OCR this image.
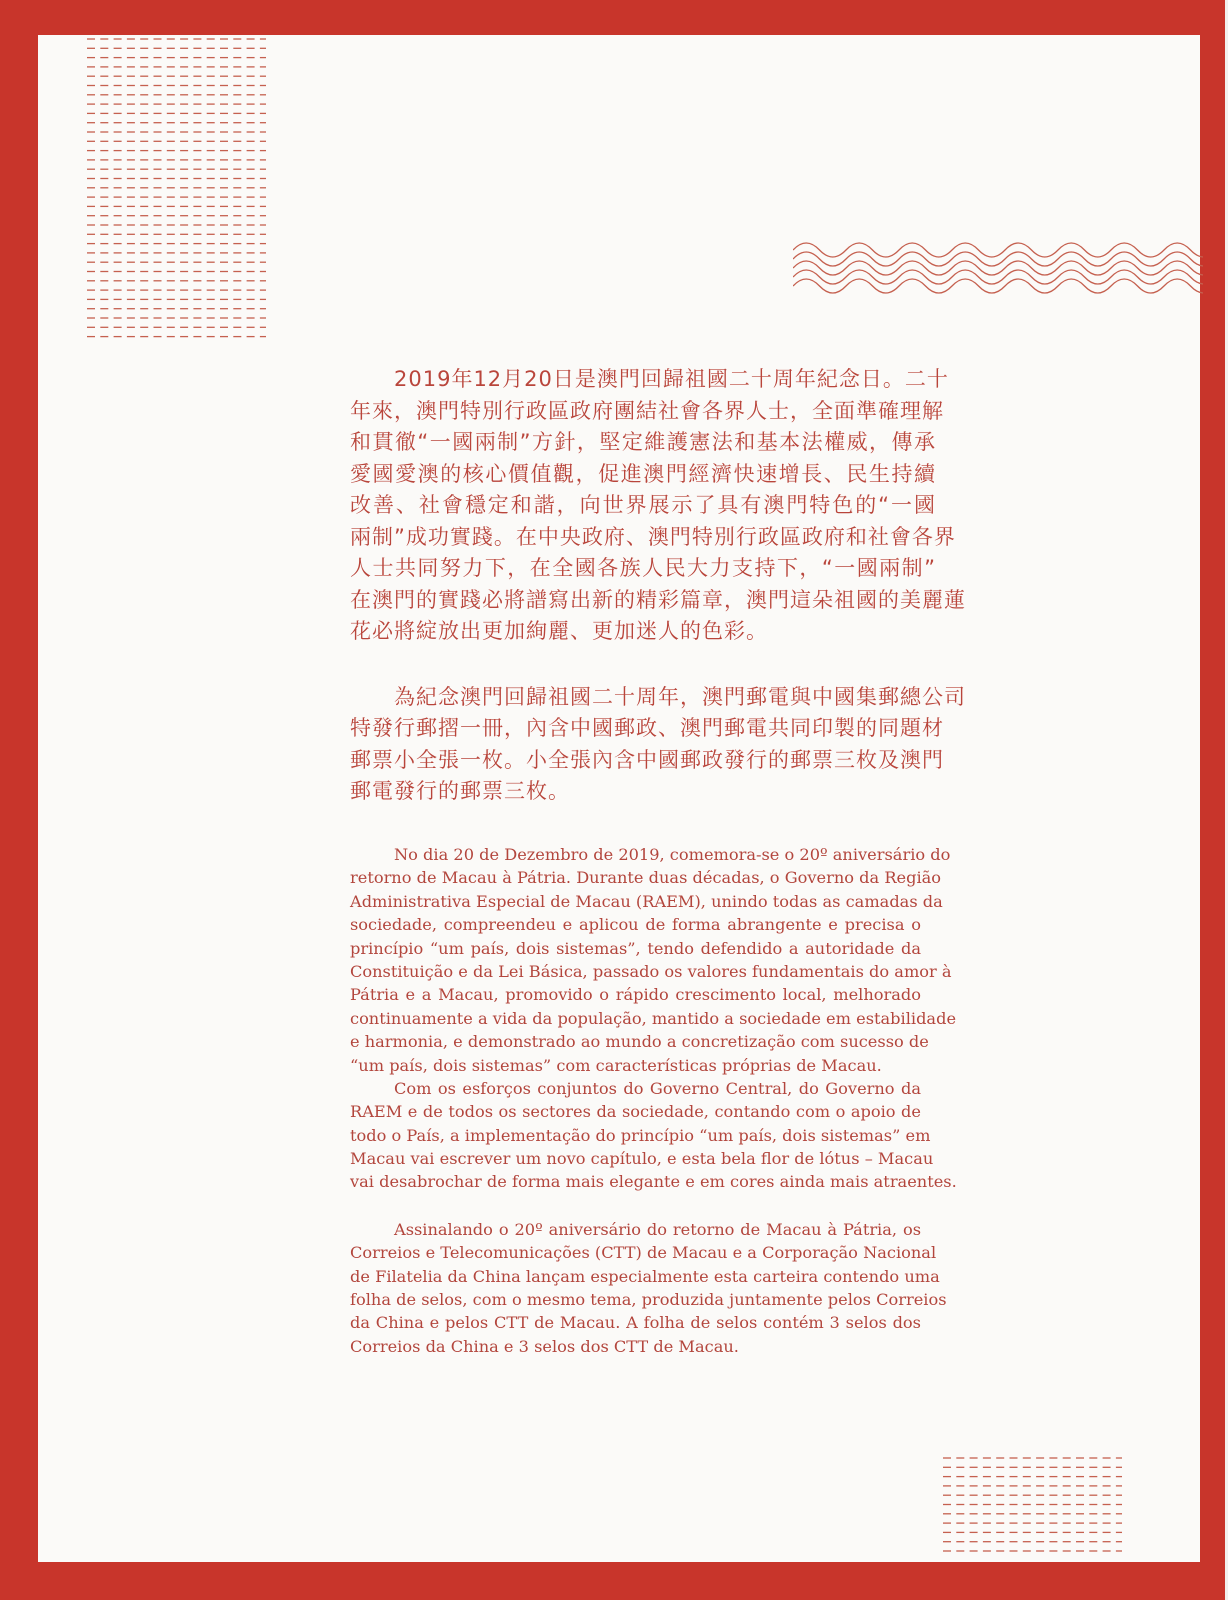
2019年12月20日是澳門回歸祖國二十周年紀念日。二十
年來，澳門特別行政區政府團結社會各界人士，全面準確理解
和貫徹“一國兩制”方針，堅定維護憲法和基本法權威，傳承
愛國愛澳的核心價值觀，促進澳門經濟快速增長、民生持續
改善、社會穩定和諧，向世界展示了具有澳門特色的“一國
兩制”成功實踐。在中央政府、澳門特別行政區政府和社會各界
人士共同努力下，在全國各族人民大力支持下，“一國兩制”
在澳門的實踐必將譜寫出新的精彩篇章，澳門這朵祖國的美麗蓮
花必將綻放出更加絢麗、更加迷人的色彩。
為紀念澳門回歸祖國二十周年，澳門郵電與中國集郵總公司
特發行郵摺一冊，內含中國郵政、澳門郵電共同印製的同題材
郵票小全張一枚。小全張內含中國郵政發行的郵票三枚及澳門
郵電發行的郵票三枚。
No dia 20 de Dezembro de 2019, comemora-se o 20º aniversário do
retorno de Macau à Pátria. Durante duas décadas, o Governo da Região
Administrativa Especial de Macau (RAEM), unindo todas as camadas da
sociedade, compreendeu e aplicou de forma abrangente e precisa o
princípio “um país, dois sistemas”, tendo defendido a autoridade da
Constituição e da Lei Básica, passado os valores fundamentais do amor à
Pátria e a Macau, promovido o rápido crescimento local, melhorado
continuamente a vida da população, mantido a sociedade em estabilidade
e harmonia, e demonstrado ao mundo a concretização com sucesso de
“um país, dois sistemas” com características próprias de Macau.
Com os esforços conjuntos do Governo Central, do Governo da
RAEM e de todos os sectores da sociedade, contando com o apoio de
todo o País, a implementação do princípio “um país, dois sistemas” em
Macau vai escrever um novo capítulo, e esta bela flor de lótus – Macau
vai desabrochar de forma mais elegante e em cores ainda mais atraentes.
Assinalando o 20º aniversário do retorno de Macau à Pátria, os
Correios e Telecomunicações (CTT) de Macau e a Corporação Nacional
de Filatelia da China lançam especialmente esta carteira contendo uma
folha de selos, com o mesmo tema, produzida juntamente pelos Correios
da China e pelos CTT de Macau. A folha de selos contém 3 selos dos
Correios da China e 3 selos dos CTT de Macau.
